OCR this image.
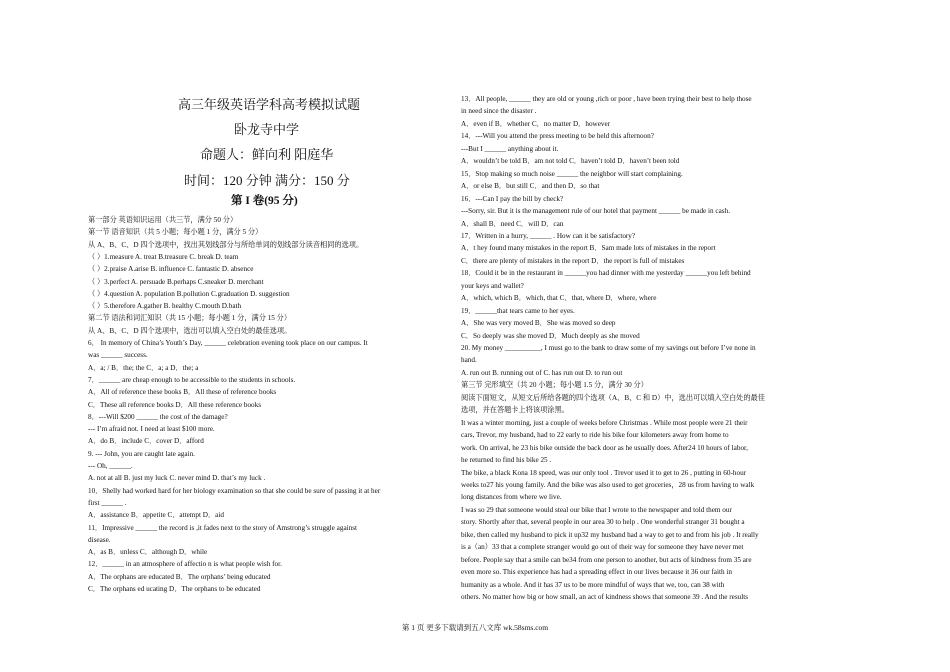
高三年级英语学科高考模拟试题
卧龙寺中学
命题人：鲜向利 阳庭华
时间：120 分钟 满分：150 分
第 I 卷(95 分)
第一部分 英语知识运用（共三节，满分 50 分）
第一节 语音知识（共 5 小题；每小题 1 分，满分 5 分）
从 A、B、C、D 四个选项中，找出其划线部分与所给单词的划线部分读音相同的选项。
（ ）1.measure A. treat B.treasure C. break D. team
（ ）2.praise A.arise B. influence C. fantastic D. absence
（ ）3.perfect A. persuade B.perhaps C.sneaker D. merchant
（ ）4.question A. population B.pollution C.graduation D. suggestion
（ ）5.therefore A.gather B. healthy C.mouth D.bath
第二节 语法和词汇知识（共 15 小题；每小题 1 分，满分 15 分）
从 A、B、C、D 四个选项中，选出可以填入空白处的最佳选项。
6． In memory of China’s Youth’s Day, ______ celebration evening took place on our campus. It
was ______ success.
A．a; / B．the; the C．a; a D．the; a
7．______ are cheap enough to be accessible to the students in schools.
A．All of reference these books B．All these of reference books
C．These all reference books D．All these reference books
8．---Will $200 ______ the cost of the damage?
--- I’m afraid not. I need at least $100 more.
A．do B．include C．cover D．afford
9. --- John, you are caught late again.
--- Oh, ______.
A. not at all B. just my luck C. never mind D. that’s my luck .
10．Shelly had worked hard for her biology examination so that she could be sure of passing it at her
first ______ .
A．assistance B．appetite C．attempt D．aid
11．Impressive ______ the record is ,it fades next to the story of Amstrong’s struggle against
disease.
A．as B．unless C．although D．while
12．______ in an atmosphere of affectio n is what people wish for.
A．The orphans are educated B．The orphans’ being educated
C．The orphans ed ucating D．The orphans to be educated
13．All people, ______ they are old or young ,rich or poor , have been trying their best to help those
in need since the disaster .
A．even if B．whether C．no matter D．however
14．---Will you attend the press meeting to be held this afternoon?
---But I ______ anything about it.
A．wouldn’t be told B．am not told C．haven’t told D．haven’t been told
15．Stop making so much noise ______ the neighbor will start complaining.
A．or else B．but still C．and then D．so that
16．---Can I pay the bill by check?
---Sorry, sir. But it is the management rule of our hotel that payment ______ be made in cash.
A．shall B．need C．will D．can
17．Written in a hurry, ______ . How can it be satisfactory?
A．t hey found many mistakes in the report B．Sam made lots of mistakes in the report
C．there are plenty of mistakes in the report D．the report is full of mistakes
18．Could it be in the restaurant in ______you had dinner with me yesterday ______you left behind
your keys and wallet?
A．which, which B．which, that C．that, where D．where, where
19．______that tears came to her eyes.
A．She was very moved B．She was moved so deep
C．So deeply was she moved D．Much deeply as she moved
20. My money __________, I must go to the bank to draw some of my savings out before I’ve none in
hand.
A. run out B. running out of C. has run out D. to run out
第三节 完形填空（共 20 小题；每小题 1.5 分，满分 30 分）
阅读下面短文，从短文后所给各题的四个选项（A、B、C 和 D）中，选出可以填入空白处的最佳
选项，并在答题卡上将该项涂黑。
It was a winter morning, just a couple of weeks before Christmas . While most people were 21 their
cars, Trevor, my husband, had to 22 early to ride his bike four kilometers away from home to
work. On arrival, he 23 his bike outside the back door as he usually does. After24 10 hours of labor,
he returned to find his bike 25 .
The bike, a black Kona 18 speed, was our only tool . Trevor used it to get to 26 , putting in 60-hour
weeks to27 his young family. And the bike was also used to get groceries，28 us from having to walk
long distances from where we live.
I was so 29 that someone would steal our bike that I wrote to the newspaper and told them our
story. Shortly after that, several people in our area 30 to help . One wonderful stranger 31 bought a
bike, then called my husband to pick it up32 my husband had a way to get to and from his job . It really
is a（an）33 that a complete stranger would go out of their way for someone they have never met
before. People say that a smile can be34 from one person to another, but acts of kindness from 35 are
even more so. This experience has had a spreading effect in our lives because it 36 our faith in
humanity as a whole. And it has 37 us to be more mindful of ways that we, too, can 38 with
others. No matter how big or how small, an act of kindness shows that someone 39 . And the results
第 1 页 更多下载请到五八文库 wk.58sms.com
